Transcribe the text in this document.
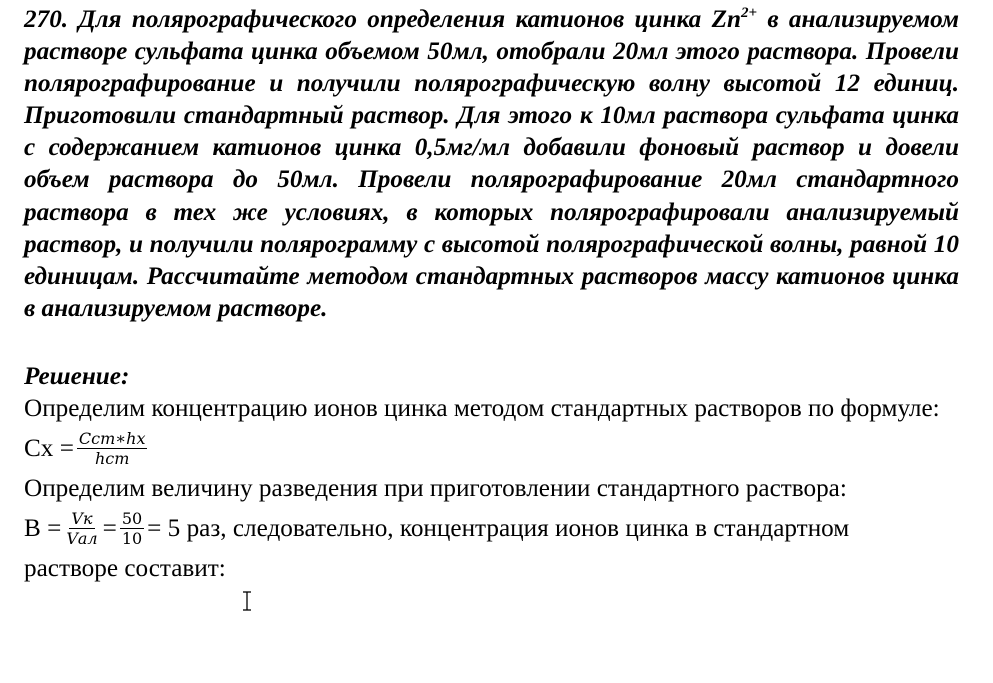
270. Для полярографического определения катионов цинка $Zn^{2+}$ в анализируемом растворе сульфата цинка объемом 50мл, отобрали 20мл этого раствора. Провели полярографирование и получили полярографическую волну высотой 12 единиц. Приготовили стандартный раствор. Для этого к 10мл раствора сульфата цинка с содержанием катионов цинка 0,5мг/мл добавили фоновый раствор и довели объем раствора до 50мл. Провели полярографирование 20мл стандартного раствора в тех же условиях, в которых полярографировали анализируемый раствор, и получили полярограмму с высотой полярографической волны, равной 10 единицам. Рассчитайте методом стандартных растворов массу катионов цинка в анализируемом растворе.

Решение:

Определим концентрацию ионов цинка методом стандартных растворов по формуле:

Сх = $\frac{\text{Cст∗hx}}{\text{hст}}$

Определим величину разведения при приготовлении стандартного раствора:

$В = \frac{Vк}{\text{Vал}} = \frac{50}{10} = 5$ раз, следовательно, концентрация ионов цинка в стандартном

растворе составит:
